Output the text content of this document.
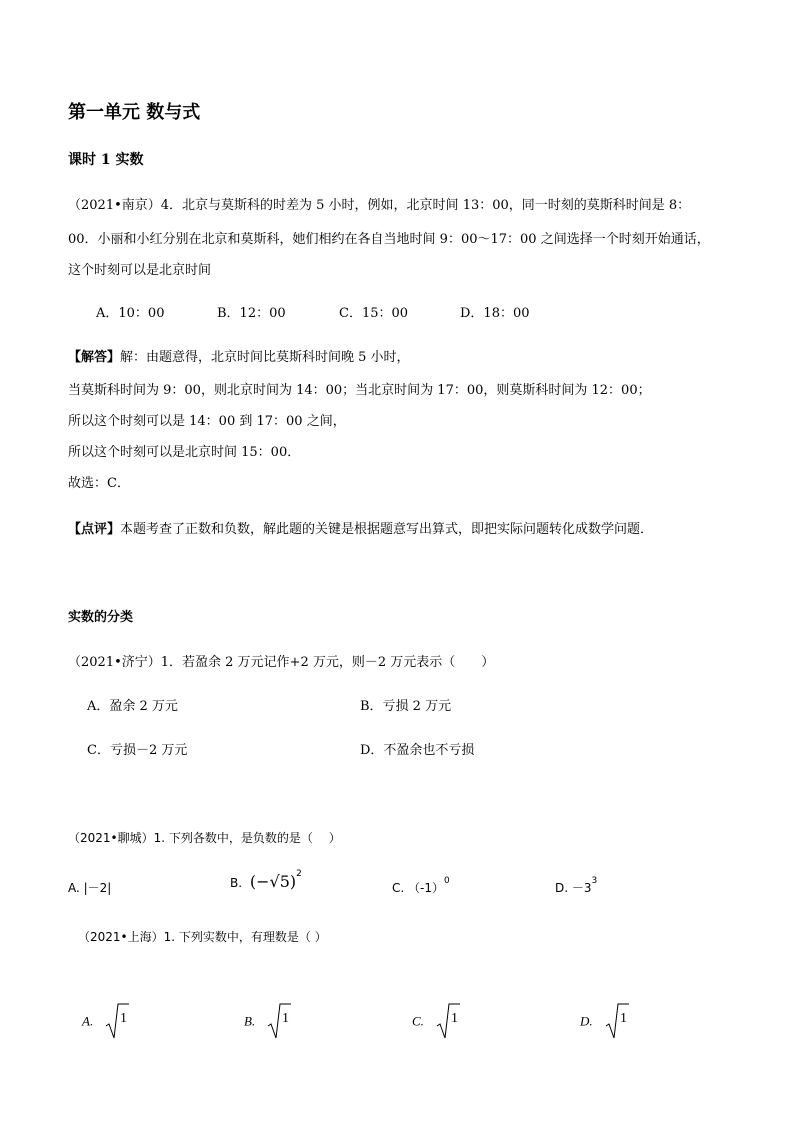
第一单元 数与式
课时 1 实数
（2021•南京）4．北京与莫斯科的时差为 5 小时，例如，北京时间 13：00，同一时刻的莫斯科时间是 8：
00．小丽和小红分别在北京和莫斯科，她们相约在各自当地时间 9：00～17：00 之间选择一个时刻开始通话，
这个时刻可以是北京时间
A．10：00	B．12：00	C．15：00	D．18：00
【解答】解：由题意得，北京时间比莫斯科时间晚 5 小时，
当莫斯科时间为 9：00，则北京时间为 14：00；当北京时间为 17：00，则莫斯科时间为 12：00；
所以这个时刻可以是 14：00 到 17：00 之间，
所以这个时刻可以是北京时间 15：00．
故选：C．
【点评】本题考查了正数和负数，解此题的关键是根据题意写出算式，即把实际问题转化成数学问题．
实数的分类
（2021•济宁）1．若盈余 2 万元记作+2 万元，则－2 万元表示（　　）
A．盈余 2 万元	B．亏损 2 万元
C．亏损－2 万元	D．不盈余也不亏损
（2021•聊城）1. 下列各数中，是负数的是（　 ）
A. |－2|	B. $(-√5)^2$
C. $(-1)^0$	D. $-3^3$
（2021•上海）1. 下列实数中，有理数是（ ）
A. 1	B. 1	C. 1	D. 1
